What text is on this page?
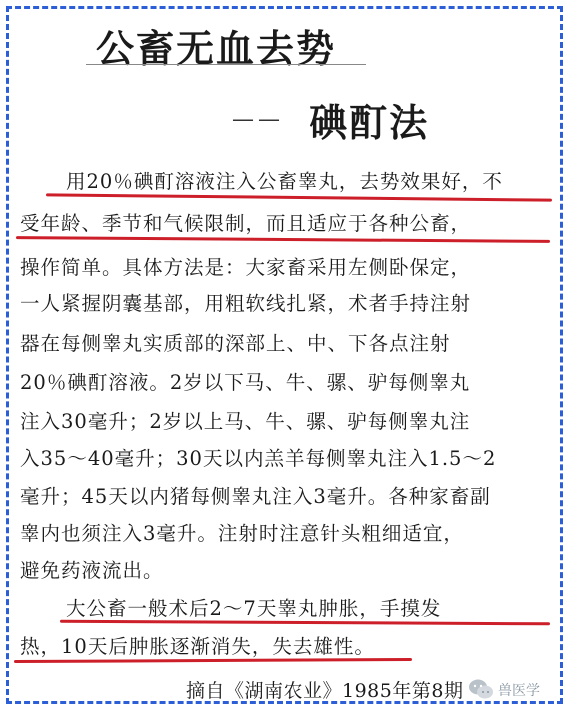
公畜无血去势
—— 碘酊法
用20％碘酊溶液注入公畜睾丸，去势效果好，不
受年龄、季节和气候限制，而且适应于各种公畜，
操作简单。具体方法是：大家畜采用左侧卧保定，
一人紧握阴囊基部，用粗软线扎紧，术者手持注射
器在每侧睾丸实质部的深部上、中、下各点注射
20％碘酊溶液。2岁以下马、牛、骡、驴每侧睾丸
注入30毫升；2岁以上马、牛、骡、驴每侧睾丸注
入35～40毫升；30天以内羔羊每侧睾丸注入1.5～2
毫升；45天以内猪每侧睾丸注入3毫升。各种家畜副
睾内也须注入3毫升。注射时注意针头粗细适宜，
避免药液流出。
大公畜一般术后2～7天睾丸肿胀，手摸发
热，10天后肿胀逐渐消失，失去雄性。
摘自《湖南农业》1985年第8期 兽医学
